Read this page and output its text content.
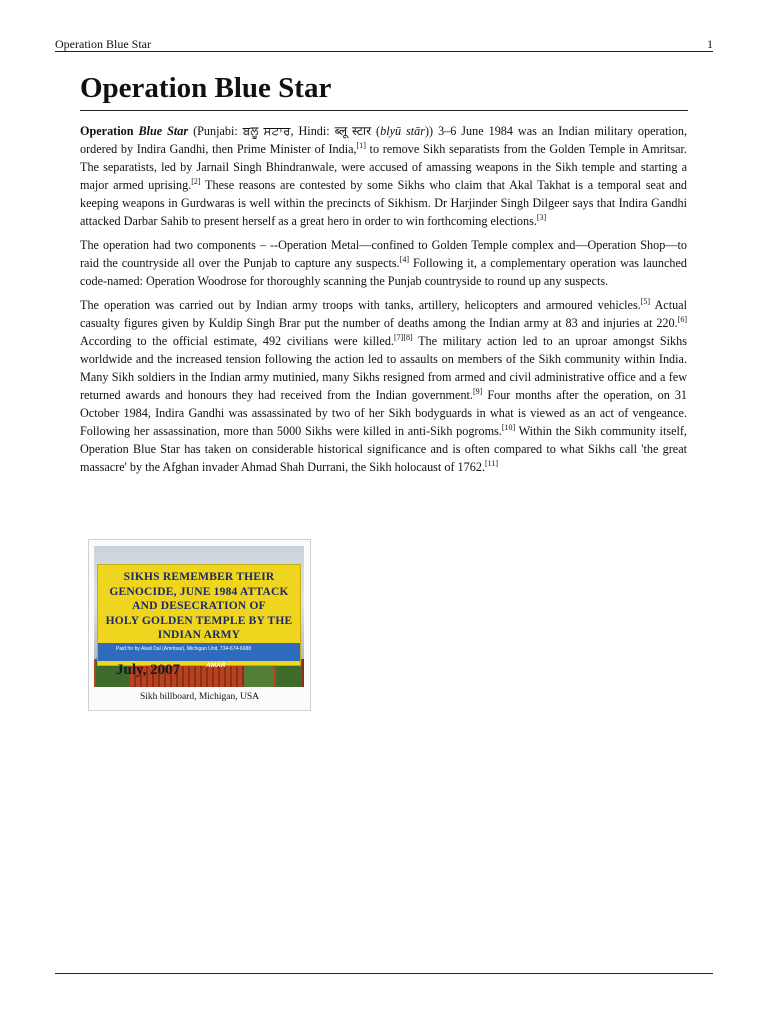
Operation Blue Star	1
Operation Blue Star

Operation Blue Star (Punjabi: ਬਲੂ ਸਟਾਰ, Hindi: ब्लू स्टार (blyū stār)) 3–6 June 1984 was an Indian military operation, ordered by Indira Gandhi, then Prime Minister of India,[1] to remove Sikh separatists from the Golden Temple in Amritsar. The separatists, led by Jarnail Singh Bhindranwale, were accused of amassing weapons in the Sikh temple and starting a major armed uprising.[2] These reasons are contested by some Sikhs who claim that Akal Takhat is a temporal seat and keeping weapons in Gurdwaras is well within the precincts of Sikhism. Dr Harjinder Singh Dilgeer says that Indira Gandhi attacked Darbar Sahib to present herself as a great hero in order to win forthcoming elections.[3]

The operation had two components – --Operation Metal—confined to Golden Temple complex and—Operation Shop—to raid the countryside all over the Punjab to capture any suspects.[4] Following it, a complementary operation was launched code-named: Operation Woodrose for thoroughly scanning the Punjab countryside to round up any suspects.

The operation was carried out by Indian army troops with tanks, artillery, helicopters and armoured vehicles.[5] Actual casualty figures given by Kuldip Singh Brar put the number of deaths among the Indian army at 83 and injuries at 220.[6] According to the official estimate, 492 civilians were killed.[7][8] The military action led to an uproar amongst Sikhs worldwide and the increased tension following the action led to assaults on members of the Sikh community within India. Many Sikh soldiers in the Indian army mutinied, many Sikhs resigned from armed and civil administrative office and a few returned awards and honours they had received from the Indian government.[9] Four months after the operation, on 31 October 1984, Indira Gandhi was assassinated by two of her Sikh bodyguards in what is viewed as an act of vengeance. Following her assassination, more than 5000 Sikhs were killed in anti-Sikh pogroms.[10] Within the Sikh community itself, Operation Blue Star has taken on considerable historical significance and is often compared to what Sikhs call 'the great massacre' by the Afghan invader Ahmad Shah Durrani, the Sikh holocaust of 1762.[11]

SIKHS REMEMBER THEIR
GENOCIDE, JUNE 1984 ATTACK
AND DESECRATION OF
HOLY GOLDEN TEMPLE BY THE
INDIAN ARMY
Paid for by Akali Dal (Amritsar), Michigan Unit, 734-674-6688
AMAR
July, 2007
Sikh billboard, Michigan, USA
